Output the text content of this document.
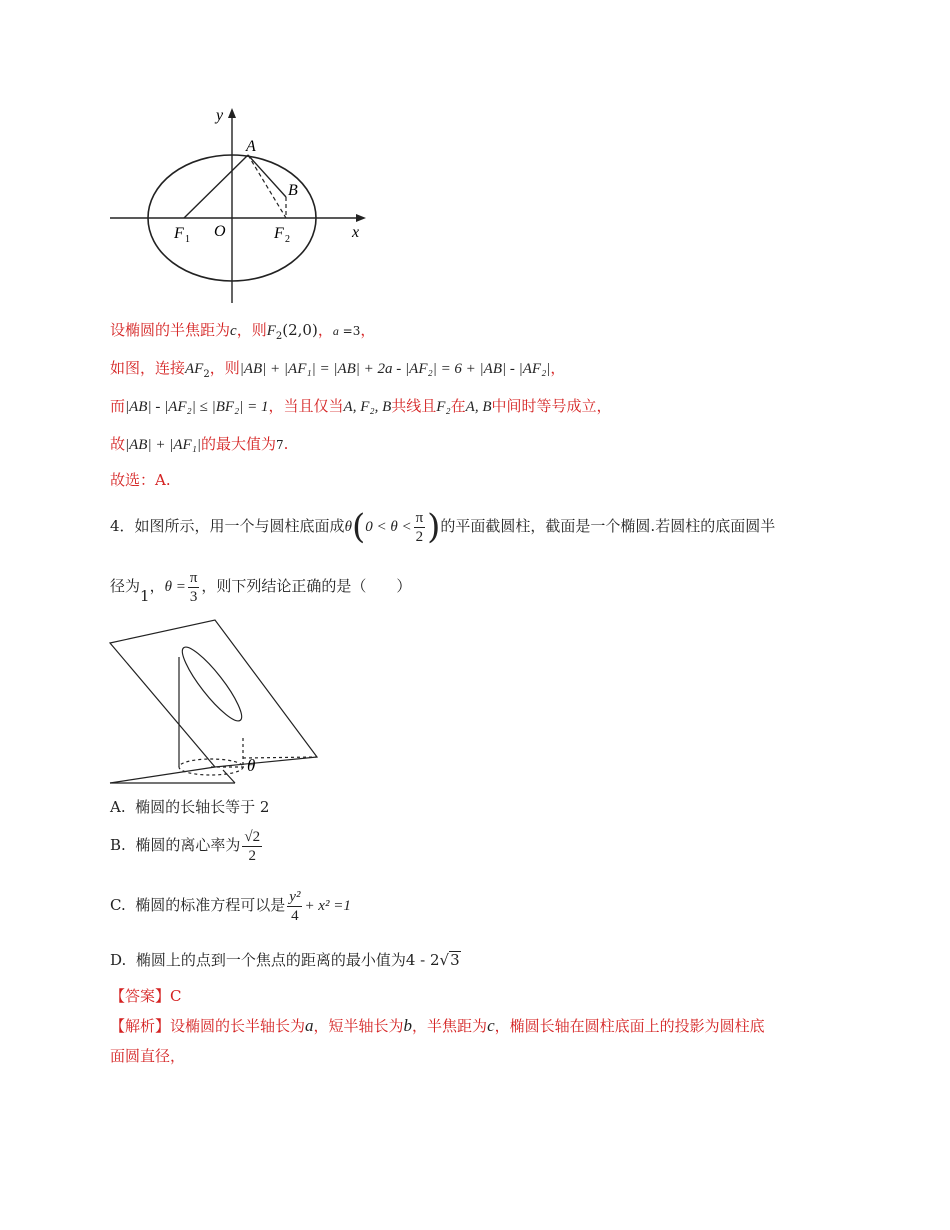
y
x
O
A
B
F 1	F 2
设椭圆的半焦距为c，则$F_2(2,0)$，a =3，
如图，连接$AF_2$，则|AB| + |AF₁| = |AB| + 2a - |AF₂| = 6 + |AB| - |AF₂|，
而|AB| - |AF₂| ≤ |BF₂| = 1，当且仅当A, F₂, B共线且F₂在A, B中间时等号成立，
故|AB| + |AF₁|的最大值为7.
故选：A.
4．如图所示，用一个与圆柱底面成$\theta(0 < \theta < \frac{\pi}{2}$ )的平面截圆柱，截面是一个椭圆.若圆柱的底面圆半
径为1，$\theta = \frac{\pi}{3}$ ，则下列结论正确的是（　　）
θ
A. 椭圆的长轴长等于 2
B. 椭圆的离心率为 $\frac{√2}{2}$
C. 椭圆的标准方程可以是 $\frac{\text{y²}}{4} + x^2 =1$
D. 椭圆上的点到一个焦点的距离的最小值为4 - 2√3
【答案】C
【解析】设椭圆的长半轴长为a，短半轴长为b，半焦距为c，椭圆长轴在圆柱底面上的投影为圆柱底
面圆直径，
